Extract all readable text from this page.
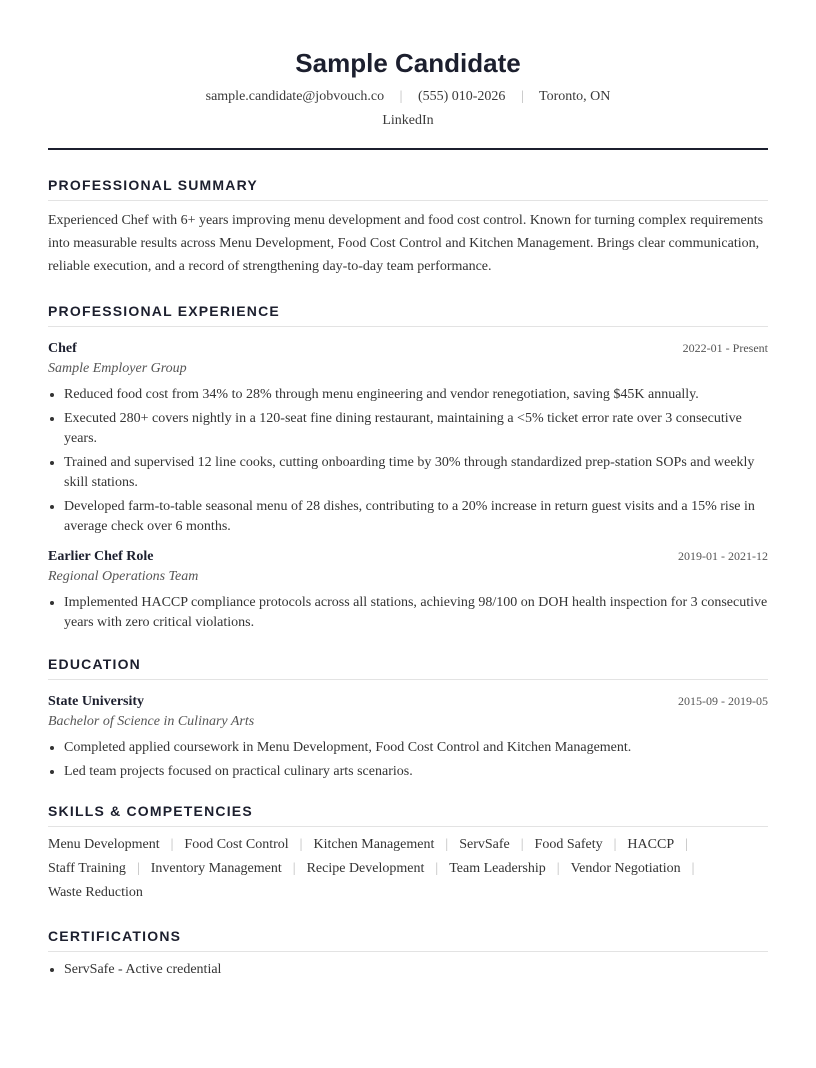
Sample Candidate
sample.candidate@jobvouch.co | (555) 010-2026 | Toronto, ON
LinkedIn
PROFESSIONAL SUMMARY

Experienced Chef with 6+ years improving menu development and food cost control. Known for turning complex requirements into measurable results across Menu Development, Food Cost Control and Kitchen Management. Brings clear communication, reliable execution, and a record of strengthening day-to-day team performance.

PROFESSIONAL EXPERIENCE
Chef	2022-01 - Present
Sample Employer Group
• Reduced food cost from 34% to 28% through menu engineering and vendor renegotiation, saving $45K annually.
• Executed 280+ covers nightly in a 120-seat fine dining restaurant, maintaining a <5% ticket error rate over 3 consecutive years.
• Trained and supervised 12 line cooks, cutting onboarding time by 30% through standardized prep-station SOPs and weekly skill stations.
• Developed farm-to-table seasonal menu of 28 dishes, contributing to a 20% increase in return guest visits and a 15% rise in average check over 6 months.
Earlier Chef Role	2019-01 - 2021-12
Regional Operations Team
• Implemented HACCP compliance protocols across all stations, achieving 98/100 on DOH health inspection for 3 consecutive years with zero critical violations.
EDUCATION
State University	2015-09 - 2019-05
Bachelor of Science in Culinary Arts
• Completed applied coursework in Menu Development, Food Cost Control and Kitchen Management.
• Led team projects focused on practical culinary arts scenarios.
SKILLS & COMPETENCIES
Menu Development | Food Cost Control | Kitchen Management | ServSafe | Food Safety | HACCP |
Staff Training | Inventory Management | Recipe Development | Team Leadership | Vendor Negotiation |
Waste Reduction
CERTIFICATIONS
• ServSafe - Active credential
